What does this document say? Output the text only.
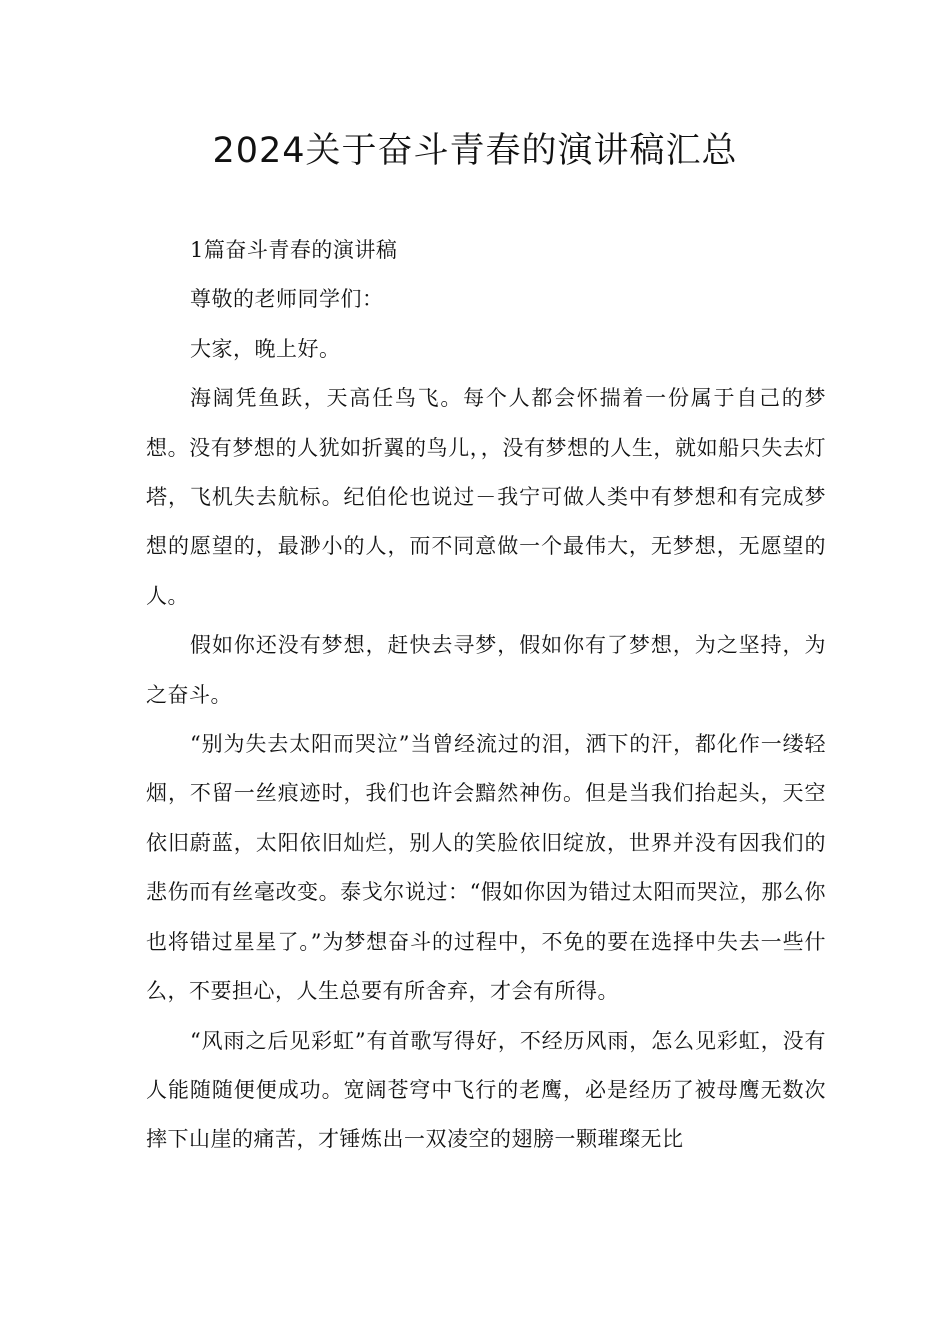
2024关于奋斗青春的演讲稿汇总

1篇奋斗青春的演讲稿

尊敬的老师同学们：

大家，晚上好。

海阔凭鱼跃，天高任鸟飞。每个人都会怀揣着一份属于自己的梦想。没有梦想的人犹如折翼的鸟儿，，没有梦想的人生，就如船只失去灯塔，飞机失去航标。纪伯伦也说过－我宁可做人类中有梦想和有完成梦想的愿望的，最渺小的人，而不同意做一个最伟大，无梦想，无愿望的人。

假如你还没有梦想，赶快去寻梦，假如你有了梦想，为之坚持，为之奋斗。

“别为失去太阳而哭泣”当曾经流过的泪，洒下的汗，都化作一缕轻烟，不留一丝痕迹时，我们也许会黯然神伤。但是当我们抬起头，天空依旧蔚蓝，太阳依旧灿烂，别人的笑脸依旧绽放，世界并没有因我们的悲伤而有丝毫改变。泰戈尔说过：“假如你因为错过太阳而哭泣，那么你也将错过星星了。”为梦想奋斗的过程中，不免的要在选择中失去一些什么，不要担心，人生总要有所舍弃，才会有所得。

“风雨之后见彩虹”有首歌写得好，不经历风雨，怎么见彩虹，没有人能随随便便成功。宽阔苍穹中飞行的老鹰，必是经历了被母鹰无数次摔下山崖的痛苦，才锤炼出一双凌空的翅膀一颗璀璨无比
